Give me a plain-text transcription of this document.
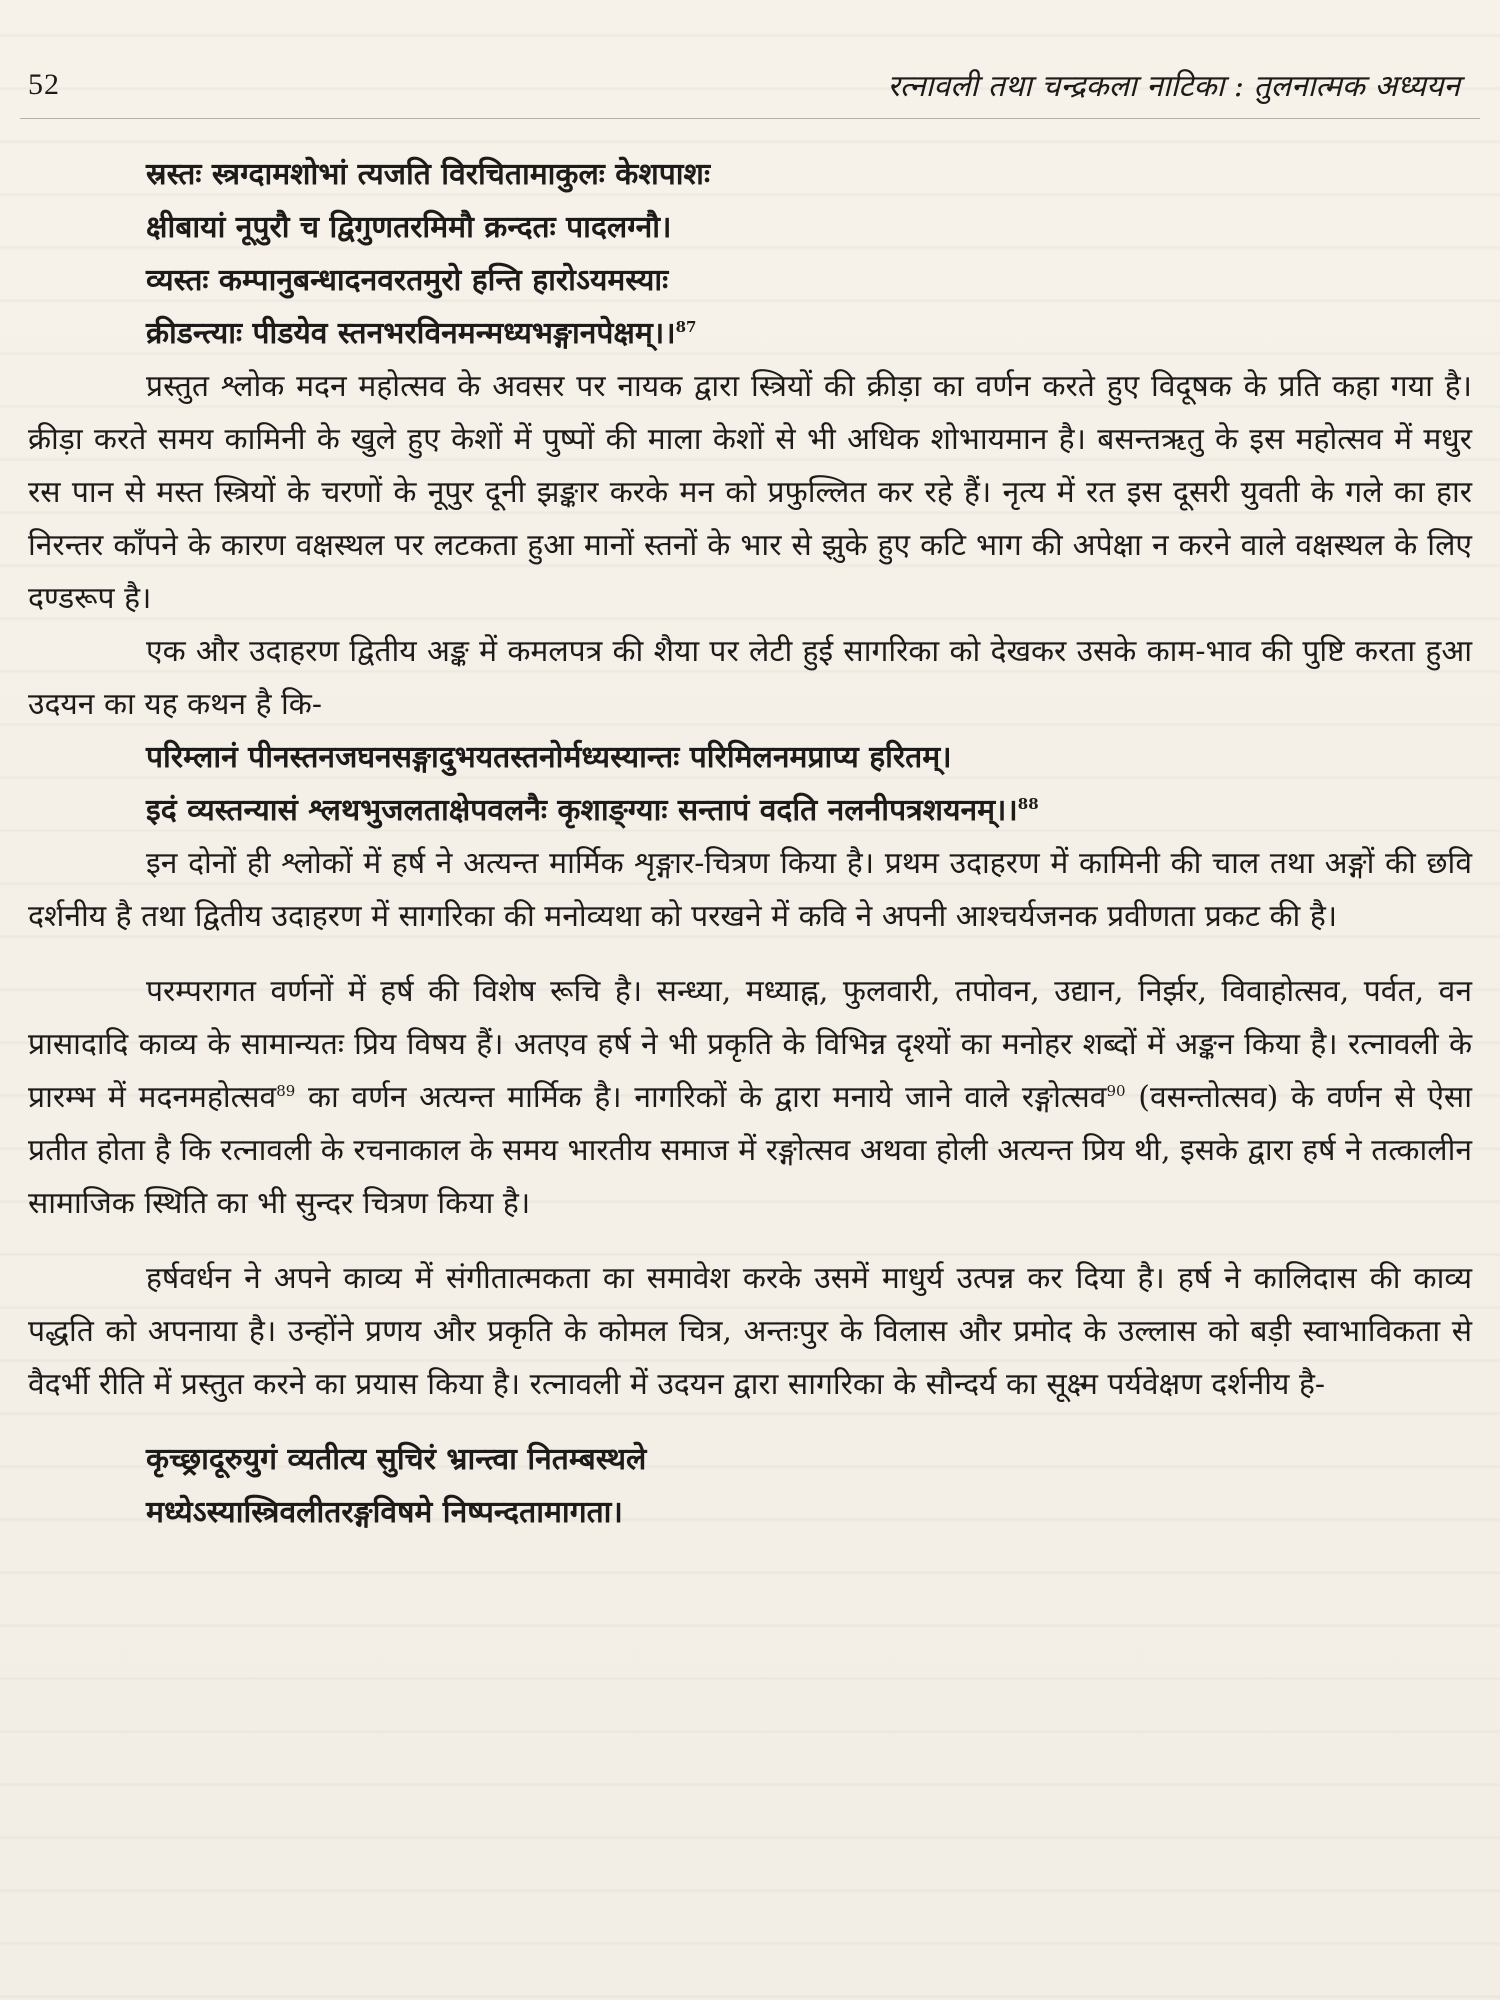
52	रत्नावली तथा चन्द्रकला नाटिका : तुलनात्मक अध्ययन

स्रस्तः स्त्रग्दामशोभां त्यजति विरचितामाकुलः केशपाशः

क्षीबायां नूपुरौ च द्विगुणतरमिमौ क्रन्दतः पादलग्नौ।

व्यस्तः कम्पानुबन्धादनवरतमुरो हन्ति हारोऽयमस्याः

क्रीडन्त्याः पीडयेव स्तनभरविनमन्मध्यभङ्गानपेक्षम्।।$^{87}$

प्रस्तुत श्लोक मदन महोत्सव के अवसर पर नायक द्वारा स्त्रियों की क्रीड़ा का वर्णन करते हुए विदूषक के प्रति कहा गया है। क्रीड़ा करते समय कामिनी के खुले हुए केशों में पुष्पों की माला केशों से भी अधिक शोभायमान है। बसन्तऋतु के इस महोत्सव में मधुर रस पान से मस्त स्त्रियों के चरणों के नूपुर दूनी झङ्कार करके मन को प्रफुल्लित कर रहे हैं। नृत्य में रत इस दूसरी युवती के गले का हार निरन्तर काँपने के कारण वक्षस्थल पर लटकता हुआ मानों स्तनों के भार से झुके हुए कटि भाग की अपेक्षा न करने वाले वक्षस्थल के लिए दण्डरूप है।

एक और उदाहरण द्वितीय अङ्क में कमलपत्र की शैया पर लेटी हुई सागरिका को देखकर उसके काम-भाव की पुष्टि करता हुआ उदयन का यह कथन है कि-

परिम्लानं पीनस्तनजघनसङ्गादुभयतस्तनोर्मध्यस्यान्तः परिमिलनमप्राप्य हरितम्।

इदं व्यस्तन्यासं श्लथभुजलताक्षेपवलनैः कृशाङ्ग्याः सन्तापं वदति नलनीपत्रशयनम्।।$^{88}$

इन दोनों ही श्लोकों में हर्ष ने अत्यन्त मार्मिक शृङ्गार-चित्रण किया है। प्रथम उदाहरण में कामिनी की चाल तथा अङ्गों की छवि दर्शनीय है तथा द्वितीय उदाहरण में सागरिका की मनोव्यथा को परखने में कवि ने अपनी आश्चर्यजनक प्रवीणता प्रकट की है।

परम्परागत वर्णनों में हर्ष की विशेष रूचि है। सन्ध्या, मध्याह्न, फुलवारी, तपोवन, उद्यान, निर्झर, विवाहोत्सव, पर्वत, वन प्रासादादि काव्य के सामान्यतः प्रिय विषय हैं। अतएव हर्ष ने भी प्रकृति के विभिन्न दृश्यों का मनोहर शब्दों में अङ्कन किया है। रत्नावली के प्रारम्भ में मदनमहोत्सव$^{89}$ का वर्णन अत्यन्त मार्मिक है। नागरिकों के द्वारा मनाये जाने वाले रङ्गोत्सव$^{90}$ (वसन्तोत्सव) के वर्णन से ऐसा प्रतीत होता है कि रत्नावली के रचनाकाल के समय भारतीय समाज में रङ्गोत्सव अथवा होली अत्यन्त प्रिय थी, इसके द्वारा हर्ष ने तत्कालीन सामाजिक स्थिति का भी सुन्दर चित्रण किया है।

हर्षवर्धन ने अपने काव्य में संगीतात्मकता का समावेश करके उसमें माधुर्य उत्पन्न कर दिया है। हर्ष ने कालिदास की काव्य पद्धति को अपनाया है। उन्होंने प्रणय और प्रकृति के कोमल चित्र, अन्तःपुर के विलास और प्रमोद के उल्लास को बड़ी स्वाभाविकता से वैदर्भी रीति में प्रस्तुत करने का प्रयास किया है। रत्नावली में उदयन द्वारा सागरिका के सौन्दर्य का सूक्ष्म पर्यवेक्षण दर्शनीय है-

कृच्छ्रादूरुयुगं व्यतीत्य सुचिरं भ्रान्त्वा नितम्बस्थले

मध्येऽस्यास्त्रिवलीतरङ्गविषमे निष्पन्दतामागता।
